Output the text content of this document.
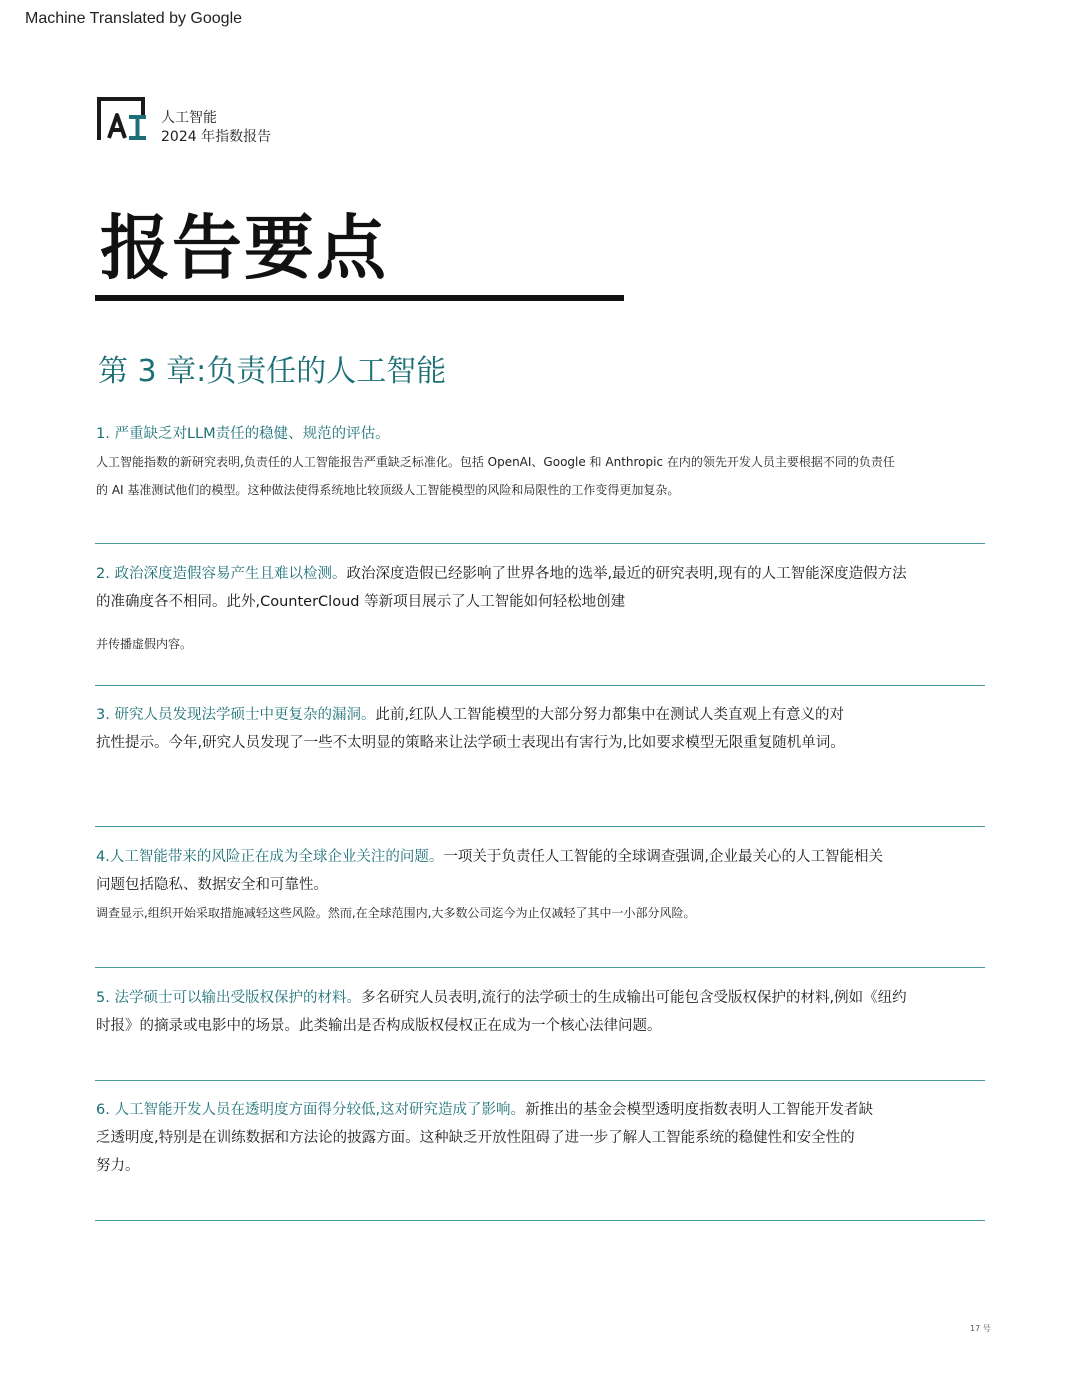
Machine Translated by Google
人工智能
2024 年指数报告
报告要点
第 3 章:负责任的人工智能

1. 严重缺乏对LLM责任的稳健、规范的评估。

人工智能指数的新研究表明,负责任的人工智能报告严重缺乏标准化。包括 OpenAI、Google 和 Anthropic 在内的领先开发人员主要根据不同的负责任

的 AI 基准测试他们的模型。这种做法使得系统地比较顶级人工智能模型的风险和局限性的工作变得更加复杂。

2. 政治深度造假容易产生且难以检测。政治深度造假已经影响了世界各地的选举,最近的研究表明,现有的人工智能深度造假方法

的准确度各不相同。此外,CounterCloud 等新项目展示了人工智能如何轻松地创建

并传播虚假内容。

3. 研究人员发现法学硕士中更复杂的漏洞。此前,红队人工智能模型的大部分努力都集中在测试人类直观上有意义的对

抗性提示。今年,研究人员发现了一些不太明显的策略来让法学硕士表现出有害行为,比如要求模型无限重复随机单词。

4.人工智能带来的风险正在成为全球企业关注的问题。一项关于负责任人工智能的全球调查强调,企业最关心的人工智能相关

问题包括隐私、数据安全和可靠性。

调查显示,组织开始采取措施减轻这些风险。然而,在全球范围内,大多数公司迄今为止仅减轻了其中一小部分风险。

5. 法学硕士可以输出受版权保护的材料。多名研究人员表明,流行的法学硕士的生成输出可能包含受版权保护的材料,例如《纽约

时报》的摘录或电影中的场景。此类输出是否构成版权侵权正在成为一个核心法律问题。

6. 人工智能开发人员在透明度方面得分较低,这对研究造成了影响。新推出的基金会模型透明度指数表明人工智能开发者缺

乏透明度,特别是在训练数据和方法论的披露方面。这种缺乏开放性阻碍了进一步了解人工智能系统的稳健性和安全性的

努力。

17 号
